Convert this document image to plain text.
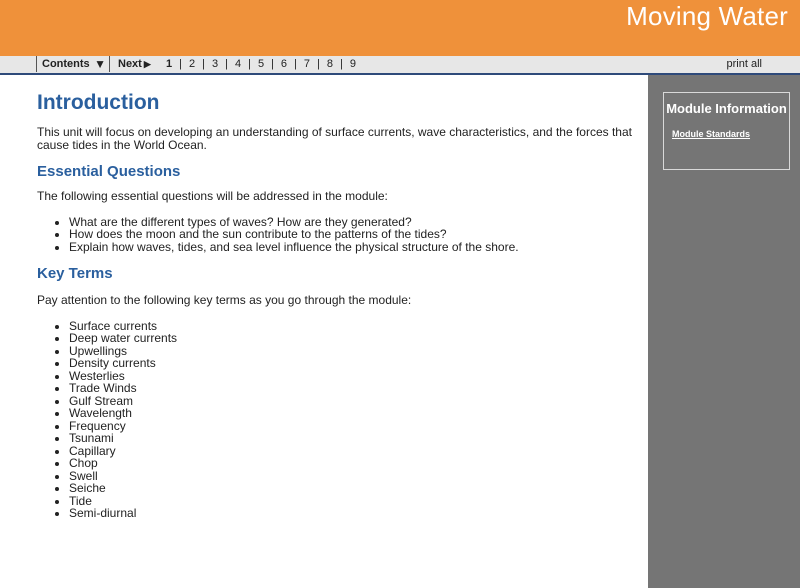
Moving Water
Contents ▼ Next ▶ 1 | 2 | 3 | 4 | 5 | 6 | 7 | 8 | 9	print all
Module Information
Module Standards
Introduction

This unit will focus on developing an understanding of surface currents, wave characteristics, and the forces that cause tides in the World Ocean.

Essential Questions

The following essential questions will be addressed in the module:

• What are the different types of waves? How are they generated?
• How does the moon and the sun contribute to the patterns of the tides?
• Explain how waves, tides, and sea level influence the physical structure of the shore.
Key Terms

Pay attention to the following key terms as you go through the module:

• Surface currents
• Deep water currents
• Upwellings
• Density currents
• Westerlies
• Trade Winds
• Gulf Stream
• Wavelength
• Frequency
• Tsunami
• Capillary
• Chop
• Swell
• Seiche
• Tide
• Semi-diurnal
